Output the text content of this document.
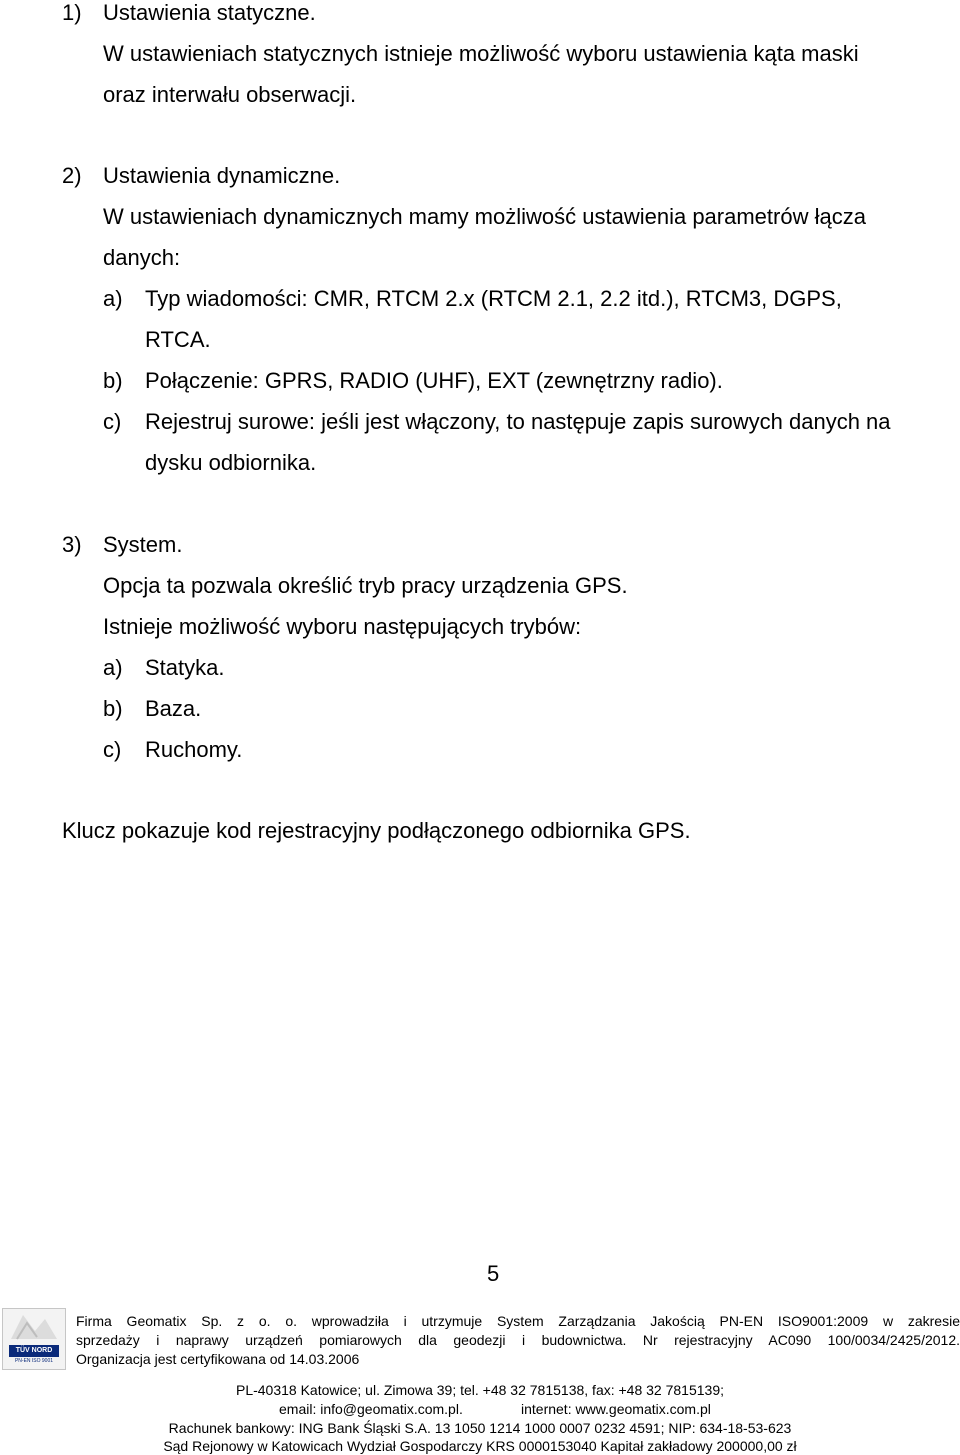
1) Ustawienia statyczne.
W ustawieniach statycznych istnieje możliwość wyboru ustawienia kąta maski
oraz interwału obserwacji.
2) Ustawienia dynamiczne.
W ustawieniach dynamicznych mamy możliwość ustawienia parametrów łącza
danych:
a) Typ wiadomości: CMR, RTCM 2.x (RTCM 2.1, 2.2 itd.), RTCM3, DGPS,
RTCA.
b) Połączenie: GPRS, RADIO (UHF), EXT (zewnętrzny radio).
c) Rejestruj surowe: jeśli jest włączony, to następuje zapis surowych danych na
dysku odbiornika.
3) System.
Opcja ta pozwala określić tryb pracy urządzenia GPS.
Istnieje możliwość wyboru następujących trybów:
a) Statyka.
b) Baza.
c) Ruchomy.
Klucz pokazuje kod rejestracyjny podłączonego odbiornika GPS.
5
TÜV NORD
PN-EN ISO 9001
Firma Geomatix Sp. z o. o. wprowadziła i utrzymuje System Zarządzania Jakością PN-EN ISO9001:2009 w zakresie
sprzedaży i naprawy urządzeń pomiarowych dla geodezji i budownictwa. Nr rejestracyjny AC090 100/0034/2425/2012.
Organizacja jest certyfikowana od 14.03.2006
PL-40318 Katowice; ul. Zimowa 39; tel. +48 32 7815138, fax: +48 32 7815139;
email: info@geomatix.com.pl.	internet: www.geomatix.com.pl
Rachunek bankowy: ING Bank Śląski S.A. 13 1050 1214 1000 0007 0232 4591; NIP: 634-18-53-623
Sąd Rejonowy w Katowicach Wydział Gospodarczy KRS 0000153040 Kapitał zakładowy 200000,00 zł
